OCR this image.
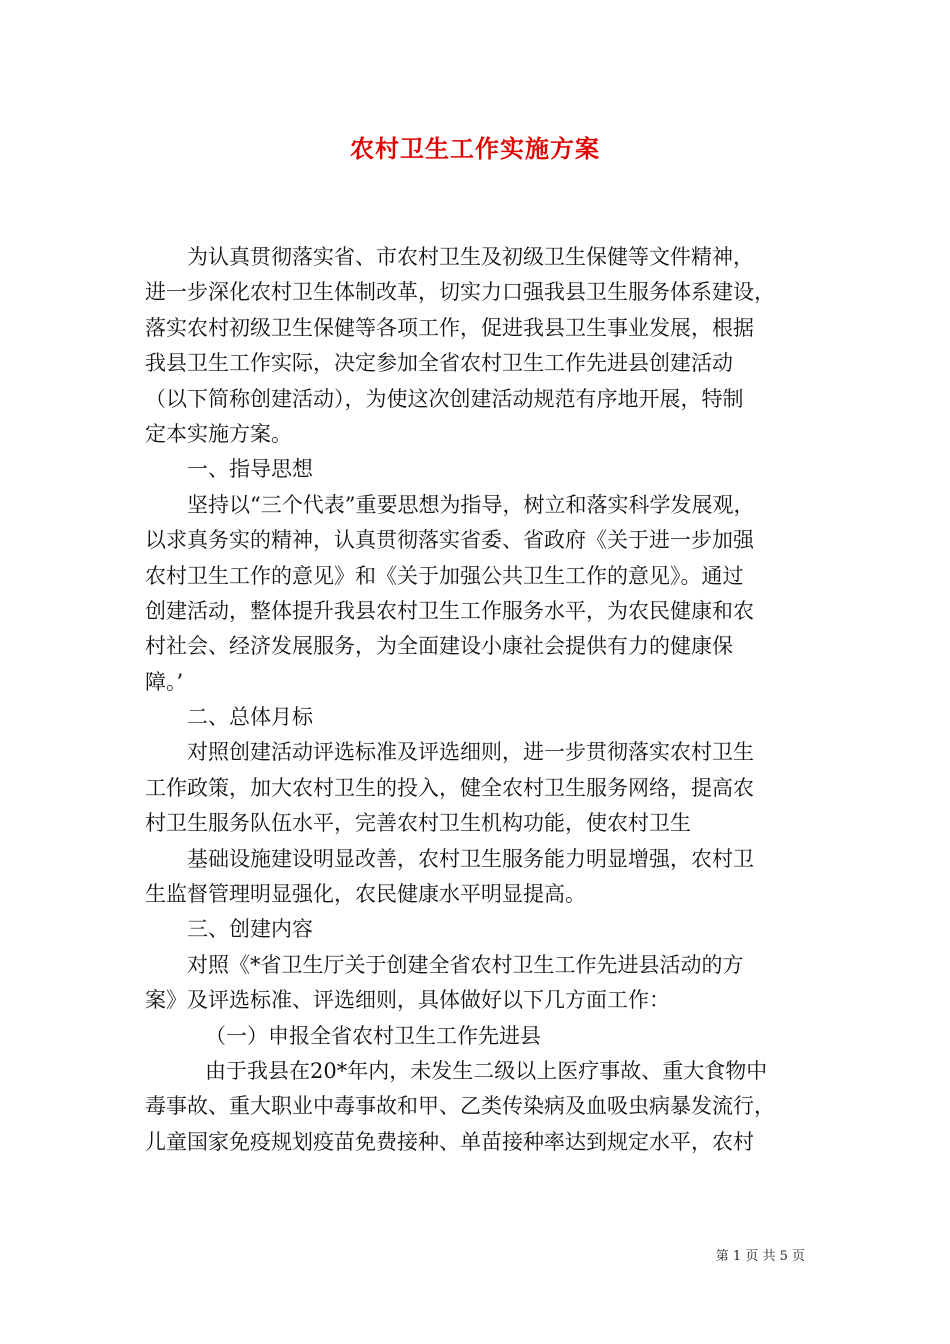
农村卫生工作实施方案
为认真贯彻落实省、市农村卫生及初级卫生保健等文件精神，
进一步深化农村卫生体制改革，切实力口强我县卫生服务体系建设，
落实农村初级卫生保健等各项工作，促进我县卫生事业发展，根据
我县卫生工作实际，决定参加全省农村卫生工作先进县创建活动
（以下简称创建活动），为使这次创建活动规范有序地开展，特制
定本实施方案。
一、指导思想
坚持以“三个代表”重要思想为指导，树立和落实科学发展观，
以求真务实的精神，认真贯彻落实省委、省政府《关于进一步加强
农村卫生工作的意见》和《关于加强公共卫生工作的意见》。通过
创建活动，整体提升我县农村卫生工作服务水平，为农民健康和农
村社会、经济发展服务，为全面建设小康社会提供有力的健康保
障。’
二、总体月标
对照创建活动评选标准及评选细则，进一步贯彻落实农村卫生
工作政策，加大农村卫生的投入，健全农村卫生服务网络，提高农
村卫生服务队伍水平，完善农村卫生机构功能，使农村卫生
基础设施建设明显改善，农村卫生服务能力明显增强，农村卫
生监督管理明显强化，农民健康水平明显提高。
三、创建内容
对照《*省卫生厅关于创建全省农村卫生工作先进县活动的方
案》及评选标准、评选细则，具体做好以下几方面工作：
（一）申报全省农村卫生工作先进县
由于我县在20*年内，未发生二级以上医疗事故、重大食物中
毒事故、重大职业中毒事故和甲、乙类传染病及血吸虫病暴发流行，
儿童国家免疫规划疫苗免费接种、单苗接种率达到规定水平，农村
第 1 页 共 5 页
